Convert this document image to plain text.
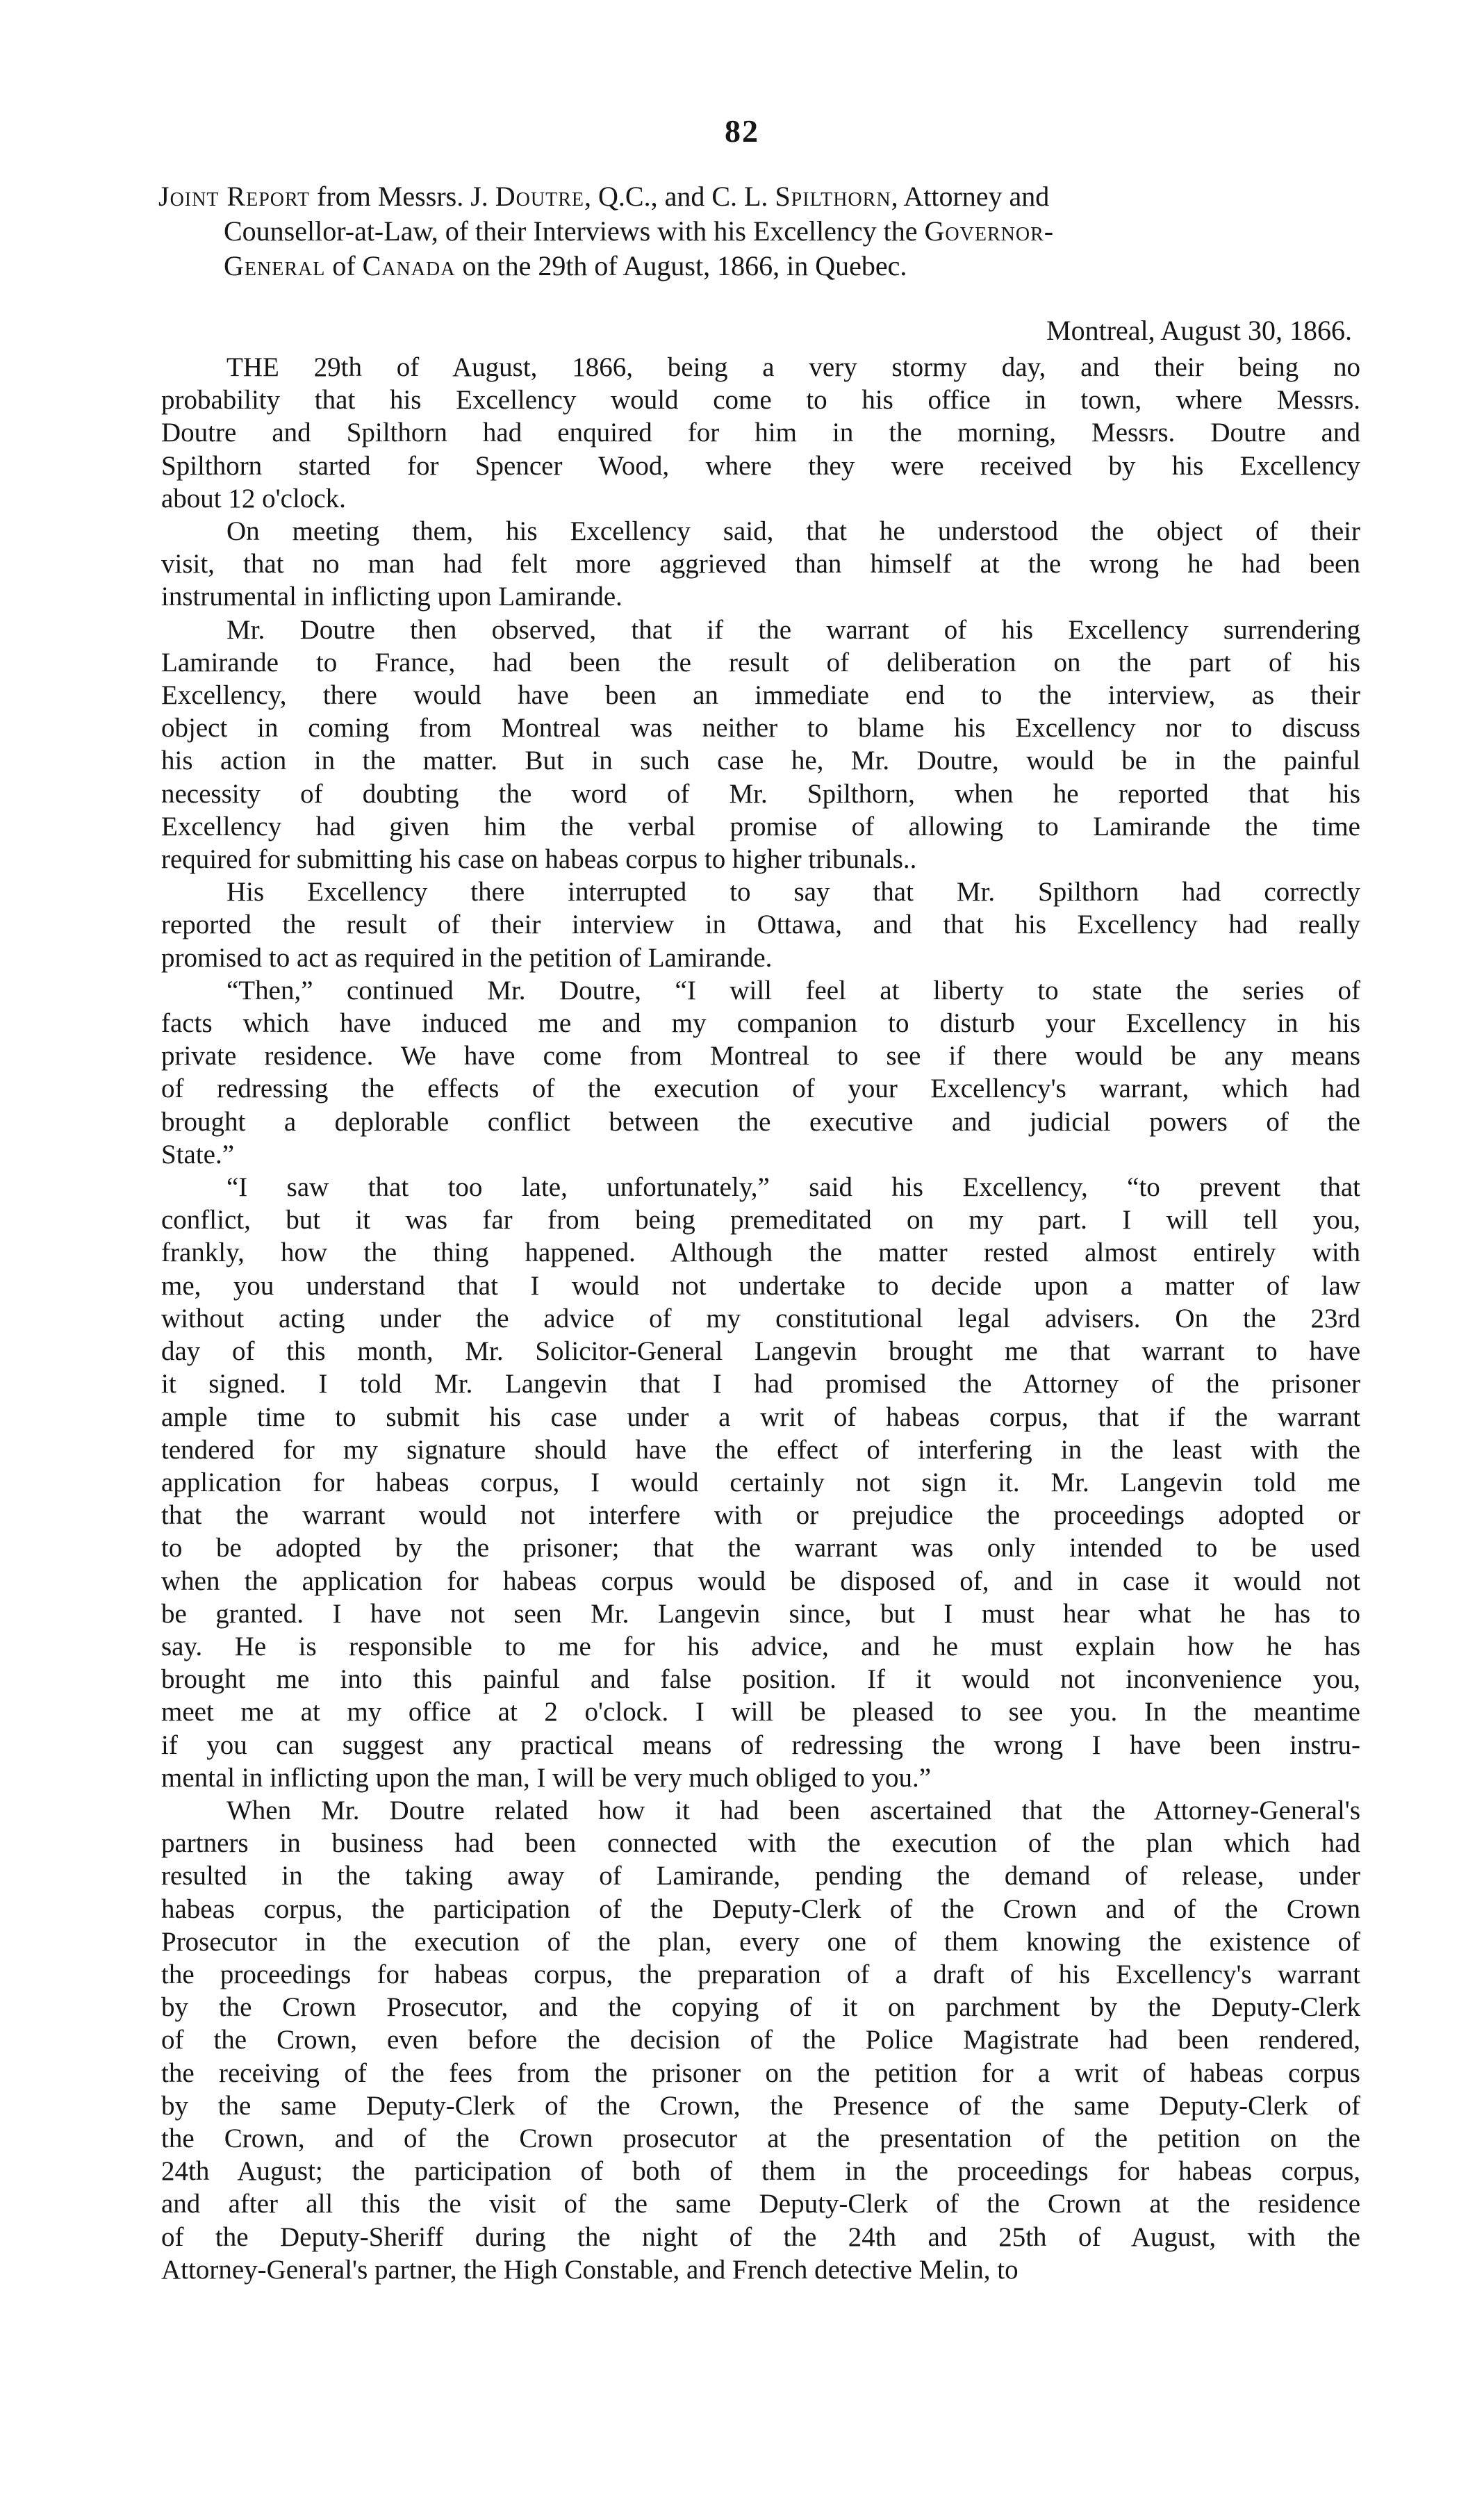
82
Joint Report from Messrs. J. Doutre, Q.C., and C. L. Spilthorn, Attorney and
Counsellor-at-Law, of their Interviews with his Excellency the Governor-
General of Canada on the 29th of August, 1866, in Quebec.
Montreal, August 30, 1866.
THE 29th of August, 1866, being a very stormy day, and their being no
probability that his Excellency would come to his office in town, where Messrs.
Doutre and Spilthorn had enquired for him in the morning, Messrs. Doutre and
Spilthorn started for Spencer Wood, where they were received by his Excellency
about 12 o'clock.
On meeting them, his Excellency said, that he understood the object of their
visit, that no man had felt more aggrieved than himself at the wrong he had been
instrumental in inflicting upon Lamirande.
Mr. Doutre then observed, that if the warrant of his Excellency surrendering
Lamirande to France, had been the result of deliberation on the part of his
Excellency, there would have been an immediate end to the interview, as their
object in coming from Montreal was neither to blame his Excellency nor to discuss
his action in the matter. But in such case he, Mr. Doutre, would be in the painful
necessity of doubting the word of Mr. Spilthorn, when he reported that his
Excellency had given him the verbal promise of allowing to Lamirande the time
required for submitting his case on habeas corpus to higher tribunals..
His Excellency there interrupted to say that Mr. Spilthorn had correctly
reported the result of their interview in Ottawa, and that his Excellency had really
promised to act as required in the petition of Lamirande.
“Then,” continued Mr. Doutre, “I will feel at liberty to state the series of
facts which have induced me and my companion to disturb your Excellency in his
private residence. We have come from Montreal to see if there would be any means
of redressing the effects of the execution of your Excellency's warrant, which had
brought a deplorable conflict between the executive and judicial powers of the
State.”
“I saw that too late, unfortunately,” said his Excellency, “to prevent that
conflict, but it was far from being premeditated on my part. I will tell you,
frankly, how the thing happened. Although the matter rested almost entirely with
me, you understand that I would not undertake to decide upon a matter of law
without acting under the advice of my constitutional legal advisers. On the 23rd
day of this month, Mr. Solicitor-General Langevin brought me that warrant to have
it signed. I told Mr. Langevin that I had promised the Attorney of the prisoner
ample time to submit his case under a writ of habeas corpus, that if the warrant
tendered for my signature should have the effect of interfering in the least with the
application for habeas corpus, I would certainly not sign it. Mr. Langevin told me
that the warrant would not interfere with or prejudice the proceedings adopted or
to be adopted by the prisoner; that the warrant was only intended to be used
when the application for habeas corpus would be disposed of, and in case it would not
be granted. I have not seen Mr. Langevin since, but I must hear what he has to
say. He is responsible to me for his advice, and he must explain how he has
brought me into this painful and false position. If it would not inconvenience you,
meet me at my office at 2 o'clock. I will be pleased to see you. In the meantime
if you can suggest any practical means of redressing the wrong I have been instru-
mental in inflicting upon the man, I will be very much obliged to you.”
When Mr. Doutre related how it had been ascertained that the Attorney-General's
partners in business had been connected with the execution of the plan which had
resulted in the taking away of Lamirande, pending the demand of release, under
habeas corpus, the participation of the Deputy-Clerk of the Crown and of the Crown
Prosecutor in the execution of the plan, every one of them knowing the existence of
the proceedings for habeas corpus, the preparation of a draft of his Excellency's warrant
by the Crown Prosecutor, and the copying of it on parchment by the Deputy-Clerk
of the Crown, even before the decision of the Police Magistrate had been rendered,
the receiving of the fees from the prisoner on the petition for a writ of habeas corpus
by the same Deputy-Clerk of the Crown, the Presence of the same Deputy-Clerk of
the Crown, and of the Crown prosecutor at the presentation of the petition on the
24th August; the participation of both of them in the proceedings for habeas corpus,
and after all this the visit of the same Deputy-Clerk of the Crown at the residence
of the Deputy-Sheriff during the night of the 24th and 25th of August, with the
Attorney-General's partner, the High Constable, and French detective Melin, to
